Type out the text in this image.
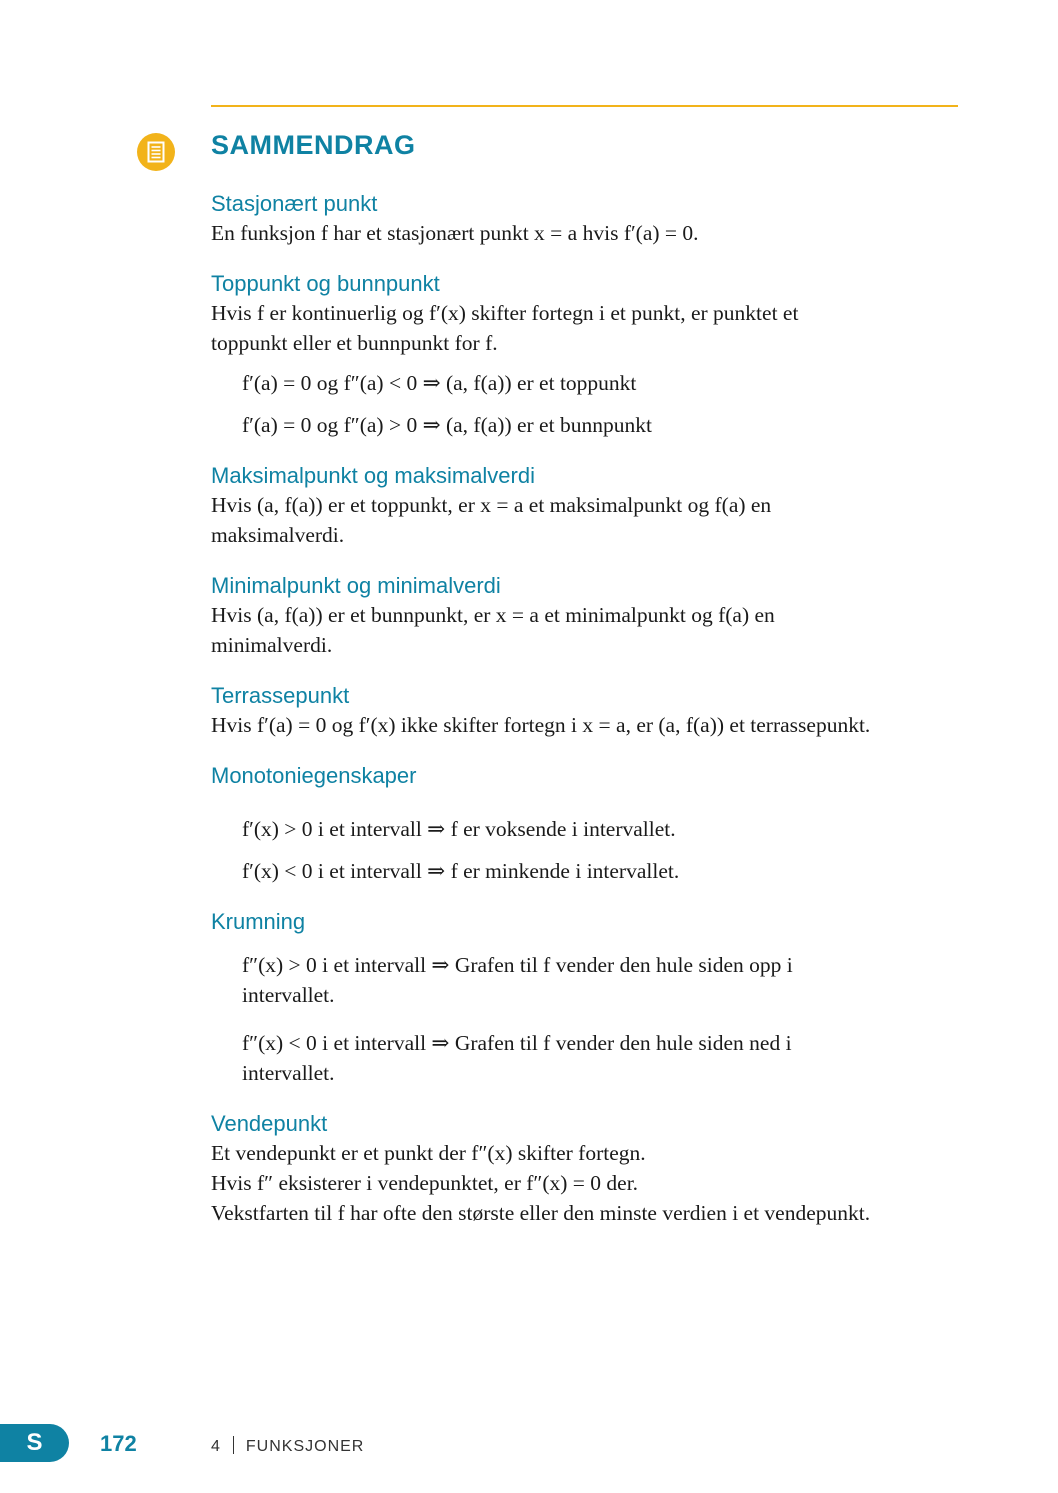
SAMMENDRAG

Stasjonært punkt

En funksjon f har et stasjonært punkt x = a hvis f′(a) = 0.

Toppunkt og bunnpunkt

Hvis f er kontinuerlig og f′(x) skifter fortegn i et punkt, er punktet et

toppunkt eller et bunnpunkt for f.

f′(a) = 0 og f″(a) < 0 ⇒ (a, f(a)) er et toppunkt

f′(a) = 0 og f″(a) > 0 ⇒ (a, f(a)) er et bunnpunkt

Maksimalpunkt og maksimalverdi

Hvis (a, f(a)) er et toppunkt, er x = a et maksimalpunkt og f(a) en

maksimalverdi.

Minimalpunkt og minimalverdi

Hvis (a, f(a)) er et bunnpunkt, er x = a et minimalpunkt og f(a) en

minimalverdi.

Terrassepunkt

Hvis f′(a) = 0 og f′(x) ikke skifter fortegn i x = a, er (a, f(a)) et terrassepunkt.

Monotoniegenskaper

f′(x) > 0 i et intervall ⇒ f er voksende i intervallet.

f′(x) < 0 i et intervall ⇒ f er minkende i intervallet.

Krumning

f″(x) > 0 i et intervall ⇒ Grafen til f vender den hule siden opp i
intervallet.
f″(x) < 0 i et intervall ⇒ Grafen til f vender den hule siden ned i
intervallet.

Vendepunkt

Et vendepunkt er et punkt der f″(x) skifter fortegn.

Hvis f″ eksisterer i vendepunktet, er f″(x) = 0 der.

Vekstfarten til f har ofte den største eller den minste verdien i et vendepunkt.

S	172	4 FUNKSJONER
